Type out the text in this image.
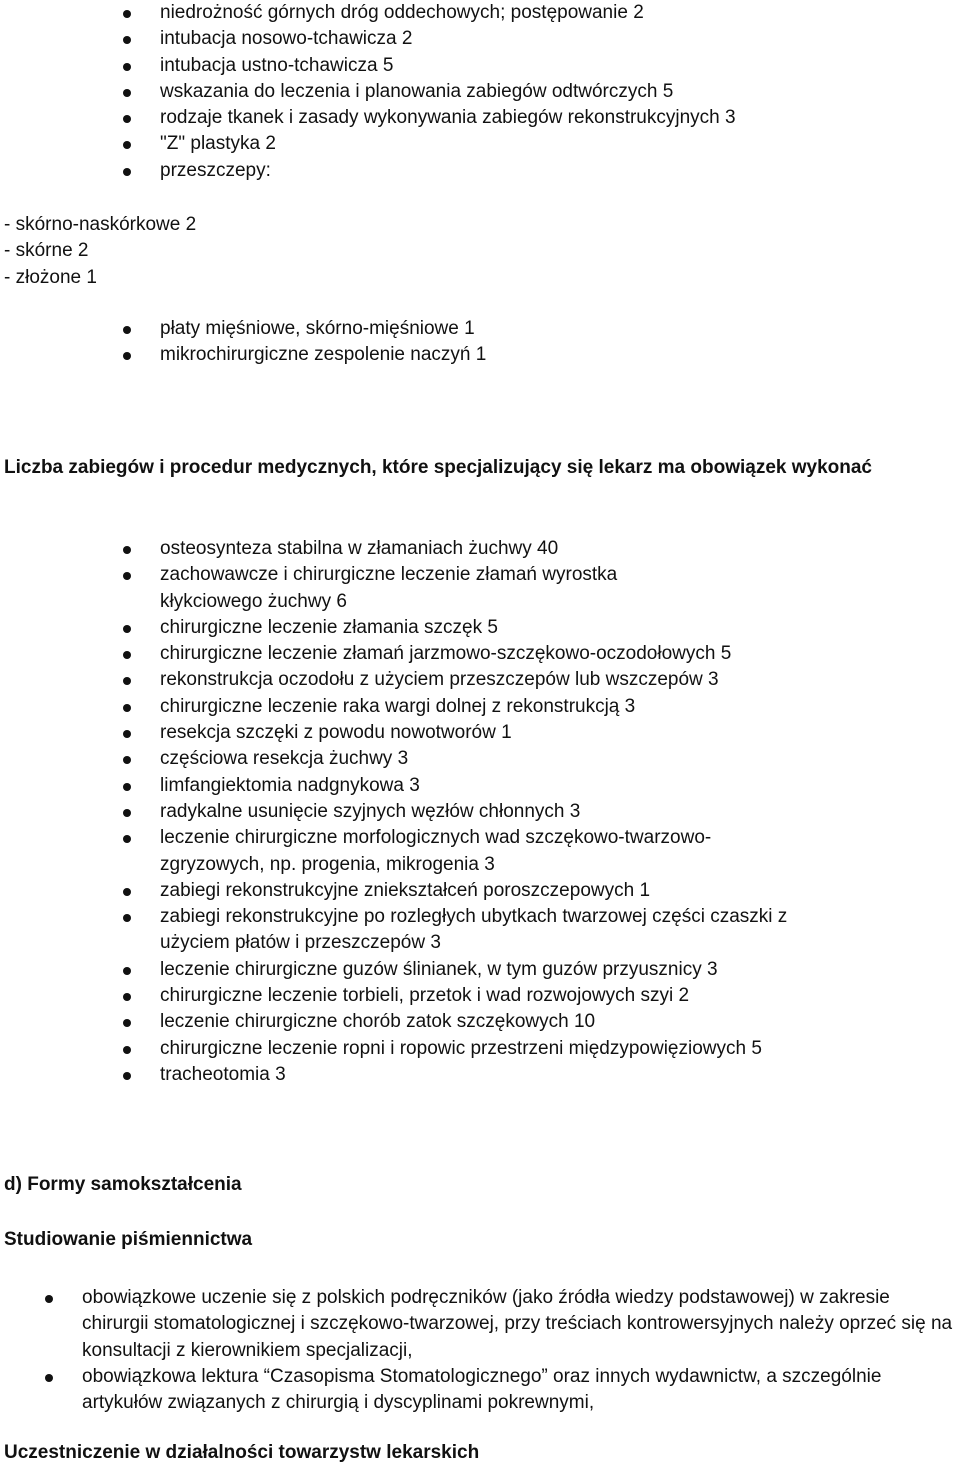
niedrożność górnych dróg oddechowych; postępowanie 2
intubacja nosowo-tchawicza 2
intubacja ustno-tchawicza 5
wskazania do leczenia i planowania zabiegów odtwórczych 5
rodzaje tkanek i zasady wykonywania zabiegów rekonstrukcyjnych 3
"Z" plastyka 2
przeszczepy:
- skórno-naskórkowe 2
- skórne 2
- złożone 1
płaty mięśniowe, skórno-mięśniowe 1
mikrochirurgiczne zespolenie naczyń 1
Liczba zabiegów i procedur medycznych, które specjalizujący się lekarz ma obowiązek wykonać
osteosynteza stabilna w złamaniach żuchwy 40
zachowawcze i chirurgiczne leczenie złamań wyrostka kłykciowego żuchwy 6
chirurgiczne leczenie złamania szczęk 5
chirurgiczne leczenie złamań jarzmowo-szczękowo-oczodołowych 5
rekonstrukcja oczodołu z użyciem przeszczepów lub wszczepów 3
chirurgiczne leczenie raka wargi dolnej z rekonstrukcją 3
resekcja szczęki z powodu nowotworów 1
częściowa resekcja żuchwy 3
limfangiektomia nadgnykowa 3
radykalne usunięcie szyjnych węzłów chłonnych 3
leczenie chirurgiczne morfologicznych wad szczękowo-twarzowo-zgryzowych, np. progenia, mikrogenia 3
zabiegi rekonstrukcyjne zniekształceń poroszczepowych 1
zabiegi rekonstrukcyjne po rozległych ubytkach twarzowej części czaszki z użyciem płatów i przeszczepów 3
leczenie chirurgiczne guzów ślinianek, w tym guzów przyusznicy 3
chirurgiczne leczenie torbieli, przetok i wad rozwojowych szyi 2
leczenie chirurgiczne chorób zatok szczękowych 10
chirurgiczne leczenie ropni i ropowic przestrzeni międzypowięziowych 5
tracheotomia 3
d) Formy samokształcenia
Studiowanie piśmiennictwa
obowiązkowe uczenie się z polskich podręczników (jako źródła wiedzy podstawowej) w zakresie chirurgii stomatologicznej i szczękowo-twarzowej, przy treściach kontrowersyjnych należy oprzeć się na konsultacji z kierownikiem specjalizacji,
obowiązkowa lektura “Czasopisma Stomatologicznego” oraz innych wydawnictw, a szczególnie artykułów związanych z chirurgią i dyscyplinami pokrewnymi,
Uczestniczenie w działalności towarzystw lekarskich
